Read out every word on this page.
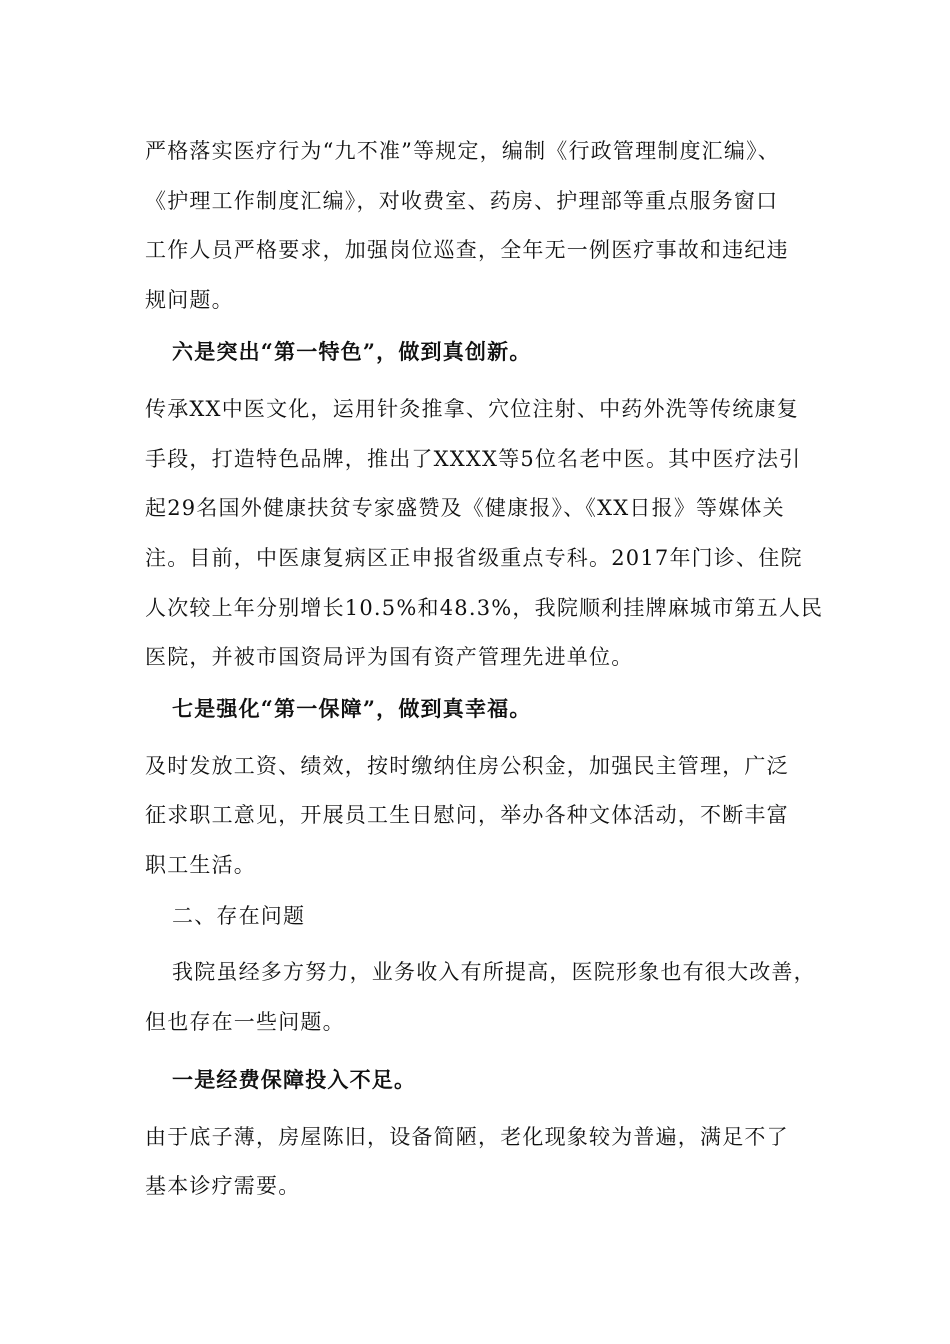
严格落实医疗行为“九不准”等规定，编制《行政管理制度汇编》、
《护理工作制度汇编》，对收费室、药房、护理部等重点服务窗口
工作人员严格要求，加强岗位巡查，全年无一例医疗事故和违纪违
规问题。
六是突出“第一特色”，做到真创新。
传承XX中医文化，运用针灸推拿、穴位注射、中药外洗等传统康复
手段，打造特色品牌，推出了XXXX等5位名老中医。其中医疗法引
起29名国外健康扶贫专家盛赞及《健康报》、《XX日报》等媒体关
注。目前，中医康复病区正申报省级重点专科。2017年门诊、住院
人次较上年分别增长10.5%和48.3%，我院顺利挂牌麻城市第五人民
医院，并被市国资局评为国有资产管理先进单位。
七是强化“第一保障”，做到真幸福。
及时发放工资、绩效，按时缴纳住房公积金，加强民主管理，广泛
征求职工意见，开展员工生日慰问，举办各种文体活动，不断丰富
职工生活。
二、存在问题
我院虽经多方努力，业务收入有所提高，医院形象也有很大改善，
但也存在一些问题。
一是经费保障投入不足。
由于底子薄，房屋陈旧，设备简陋，老化现象较为普遍，满足不了
基本诊疗需要。
